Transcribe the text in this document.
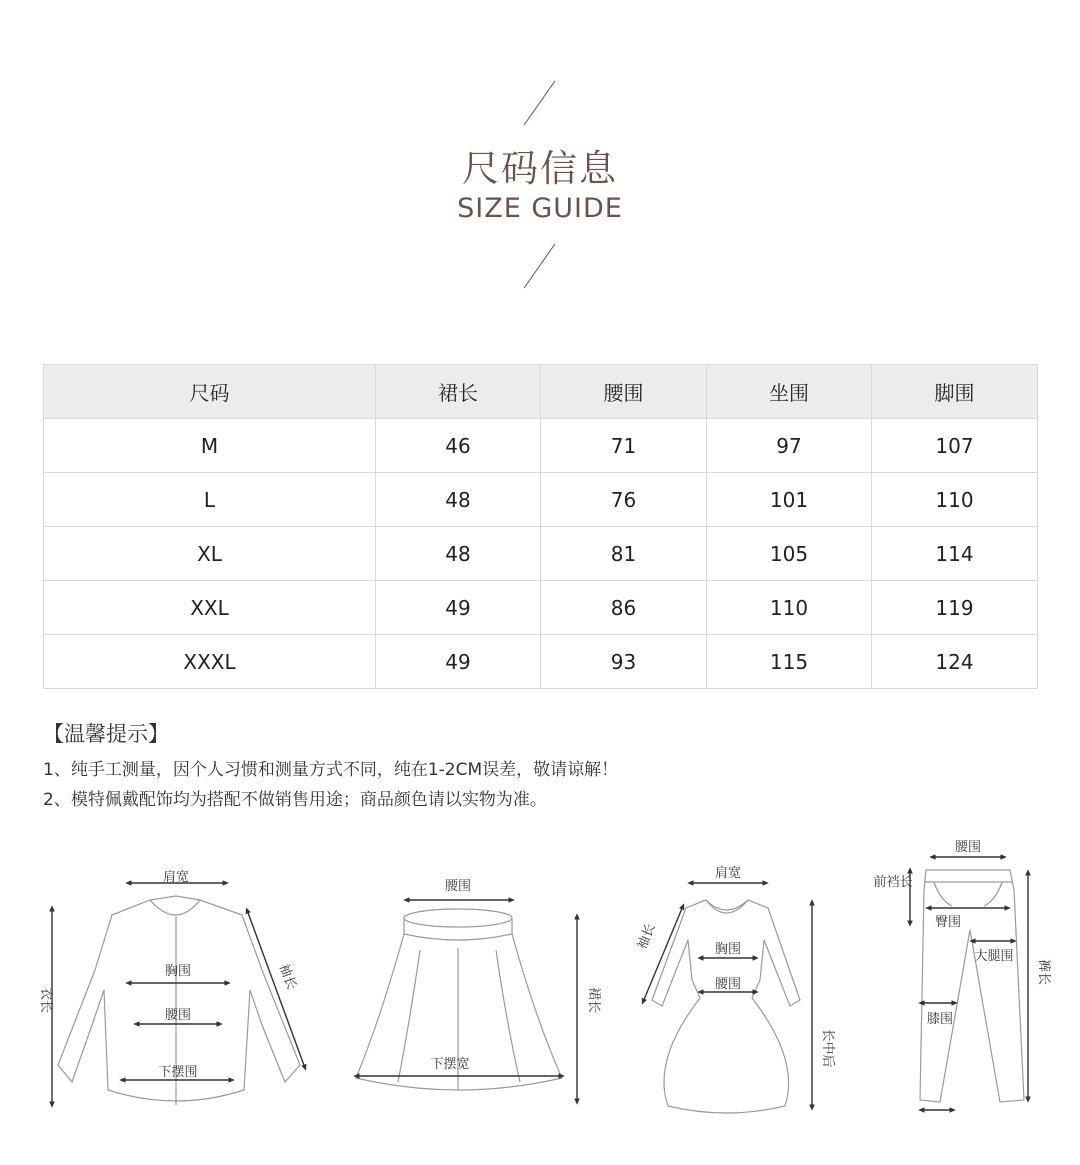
尺码信息
SIZE GUIDE
尺码	裙长	腰围	坐围	脚围
M	46	71	97	107
L	48	76	101	110
XL	48	81	105	114
XXL	49	86	110	119
XXXL	49	93	115	124
【温馨提示】
1、纯手工测量，因个人习惯和测量方式不同，纯在1-2CM误差，敬请谅解！
2、模特佩戴配饰均为搭配不做销售用途；商品颜色请以实物为准。
肩宽
胸围
腰围
下摆围
衣长
袖长
腰围
下摆宽
裙长
肩宽
胸围
腰围
袖长
长中后
腰围
前裆长
臀围
大腿围
膝围
裤长
